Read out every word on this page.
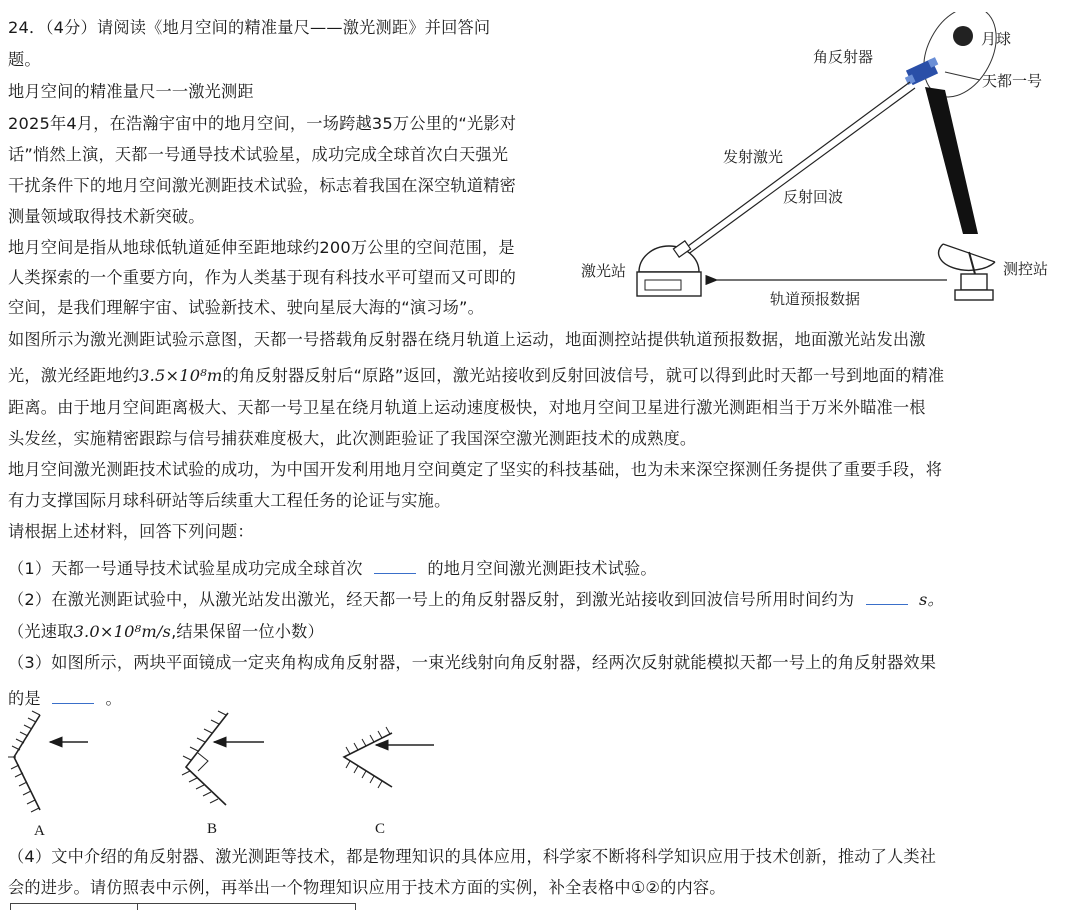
24．（4分）请阅读《地月空间的精准量尺——激光测距》并回答问
题。
地月空间的精准量尺一一激光测距
2025年4月，在浩瀚宇宙中的地月空间，一场跨越35万公里的“光影对
话”悄然上演，天都一号通导技术试验星，成功完成全球首次白天强光
干扰条件下的地月空间激光测距技术试验，标志着我国在深空轨道精密
测量领域取得技术新突破。
地月空间是指从地球低轨道延伸至距地球约200万公里的空间范围，是
人类探索的一个重要方向，作为人类基于现有科技水平可望而又可即的
空间，是我们理解宇宙、试验新技术、驶向星辰大海的“演习场”。
如图所示为激光测距试验示意图，天都一号搭载角反射器在绕月轨道上运动，地面测控站提供轨道预报数据，地面激光站发出激
光，激光经距地约3.5×10⁸m的角反射器反射后“原路”返回，激光站接收到反射回波信号，就可以得到此时天都一号到地面的精准
距离。由于地月空间距离极大、天都一号卫星在绕月轨道上运动速度极快，对地月空间卫星进行激光测距相当于万米外瞄准一根
头发丝，实施精密跟踪与信号捕获难度极大，此次测距验证了我国深空激光测距技术的成熟度。
地月空间激光测距技术试验的成功，为中国开发利用地月空间奠定了坚实的科技基础，也为未来深空探测任务提供了重要手段，将
有力支撑国际月球科研站等后续重大工程任务的论证与实施。
请根据上述材料，回答下列问题：
（1）天都一号通导技术试验星成功完成全球首次	的地月空间激光测距技术试验。
（2）在激光测距试验中，从激光站发出激光，经天都一号上的角反射器反射，到激光站接收到回波信号所用时间约为	s。
（光速取3.0×10⁸m/s,结果保留一位小数）
（3）如图所示，两块平面镜成一定夹角构成角反射器，一束光线射向角反射器，经两次反射就能模拟天都一号上的角反射器效果
的是	。
（4）文中介绍的角反射器、激光测距等技术，都是物理知识的具体应用，科学家不断将科学知识应用于技术创新，推动了人类社
会的进步。请仿照表中示例，再举出一个物理知识应用于技术方面的实例，补全表格中①②的内容。
月球
角反射器
天都一号
发射激光
反射回波
激光站	测控站
轨道预报数据
A	B	C
